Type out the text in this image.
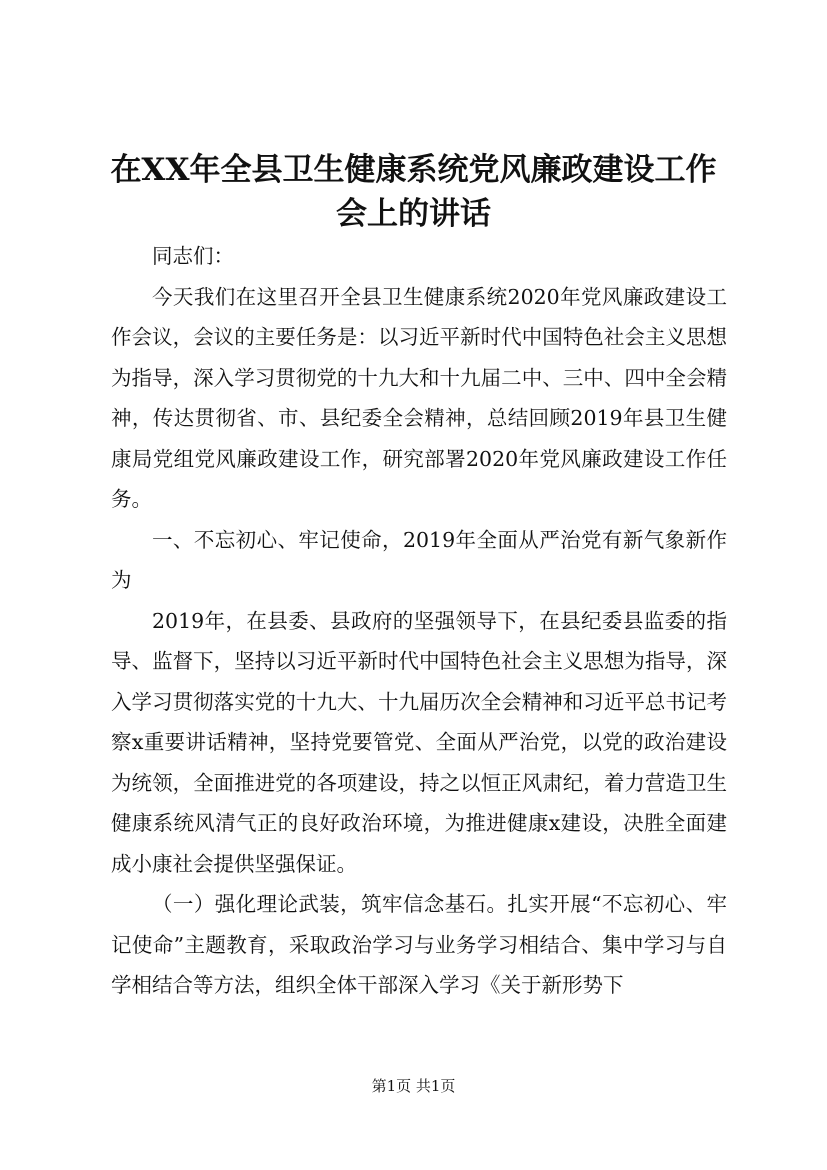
在XX年全县卫生健康系统党风廉政建设工作会上的讲话

同志们：

今天我们在这里召开全县卫生健康系统2020年党风廉政建设工作会议，会议的主要任务是：以习近平新时代中国特色社会主义思想为指导，深入学习贯彻党的十九大和十九届二中、三中、四中全会精神，传达贯彻省、市、县纪委全会精神，总结回顾2019年县卫生健康局党组党风廉政建设工作，研究部署2020年党风廉政建设工作任务。

一、不忘初心、牢记使命，2019年全面从严治党有新气象新作为

2019年，在县委、县政府的坚强领导下，在县纪委县监委的指导、监督下，坚持以习近平新时代中国特色社会主义思想为指导，深入学习贯彻落实党的十九大、十九届历次全会精神和习近平总书记考察x重要讲话精神，坚持党要管党、全面从严治党，以党的政治建设为统领，全面推进党的各项建设，持之以恒正风肃纪，着力营造卫生健康系统风清气正的良好政治环境，为推进健康x建设，决胜全面建成小康社会提供坚强保证。

（一）强化理论武装，筑牢信念基石。扎实开展“不忘初心、牢记使命”主题教育，采取政治学习与业务学习相结合、集中学习与自学相结合等方法，组织全体干部深入学习《关于新形势下

第1页 共1页
